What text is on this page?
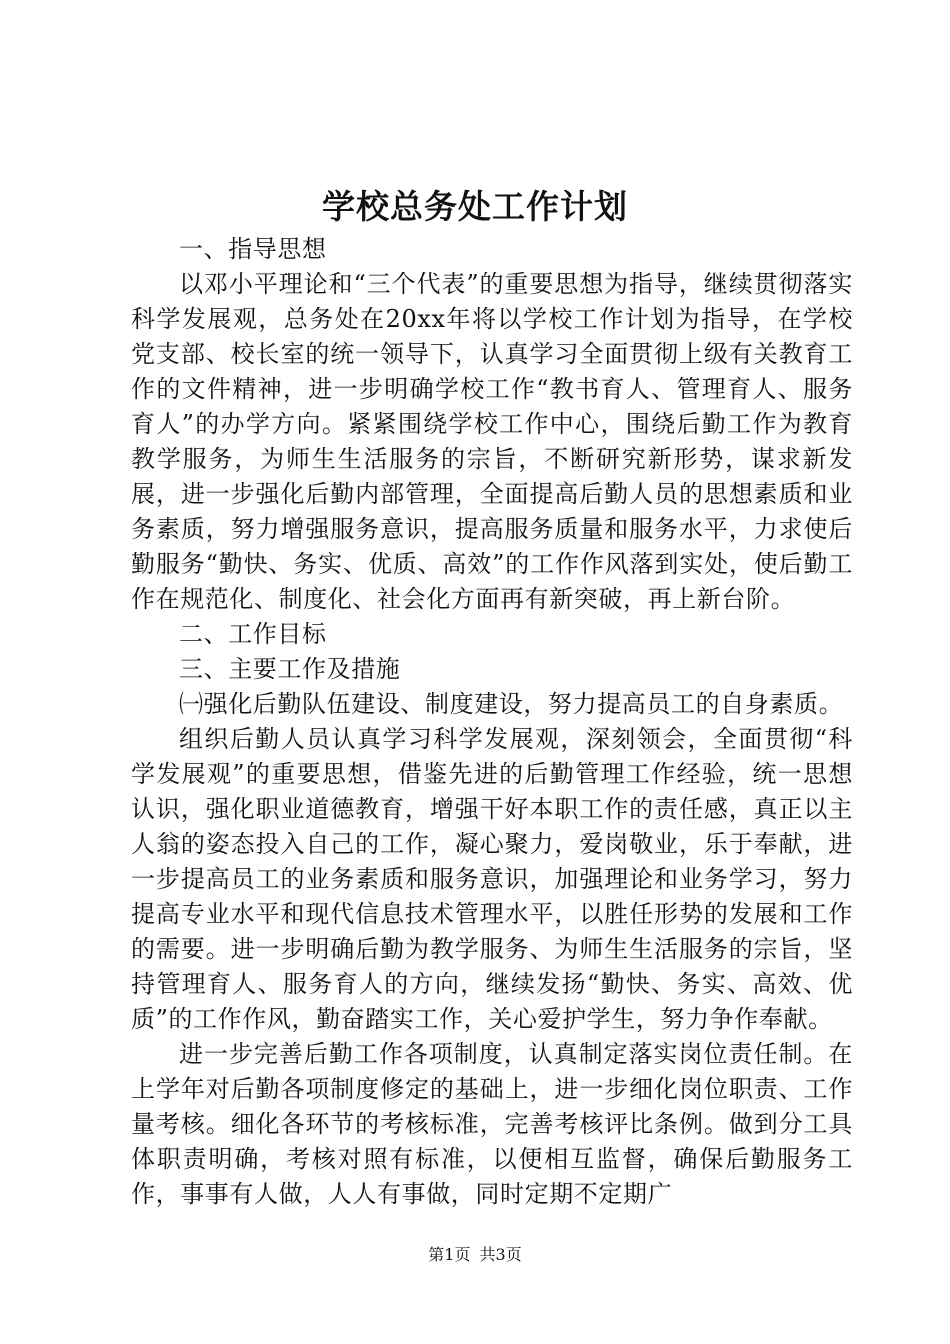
学校总务处工作计划

一、指导思想

以邓小平理论和“三个代表”的重要思想为指导，继续贯彻落实科学发展观，总务处在20xx年将以学校工作计划为指导，在学校党支部、校长室的统一领导下，认真学习全面贯彻上级有关教育工作的文件精神，进一步明确学校工作“教书育人、管理育人、服务育人”的办学方向。紧紧围绕学校工作中心，围绕后勤工作为教育教学服务，为师生生活服务的宗旨，不断研究新形势，谋求新发展，进一步强化后勤内部管理，全面提高后勤人员的思想素质和业务素质，努力增强服务意识，提高服务质量和服务水平，力求使后勤服务“勤快、务实、优质、高效”的工作作风落到实处，使后勤工作在规范化、制度化、社会化方面再有新突破，再上新台阶。

二、工作目标

三、主要工作及措施

㈠强化后勤队伍建设、制度建设，努力提高员工的自身素质。

组织后勤人员认真学习科学发展观，深刻领会，全面贯彻“科学发展观”的重要思想，借鉴先进的后勤管理工作经验，统一思想认识，强化职业道德教育，增强干好本职工作的责任感，真正以主人翁的姿态投入自己的工作，凝心聚力，爱岗敬业，乐于奉献，进一步提高员工的业务素质和服务意识，加强理论和业务学习，努力提高专业水平和现代信息技术管理水平，以胜任形势的发展和工作的需要。进一步明确后勤为教学服务、为师生生活服务的宗旨，坚持管理育人、服务育人的方向，继续发扬“勤快、务实、高效、优质”的工作作风，勤奋踏实工作，关心爱护学生，努力争作奉献。

进一步完善后勤工作各项制度，认真制定落实岗位责任制。在上学年对后勤各项制度修定的基础上，进一步细化岗位职责、工作量考核。细化各环节的考核标准，完善考核评比条例。做到分工具体职责明确，考核对照有标准，以便相互监督，确保后勤服务工作，事事有人做，人人有事做，同时定期不定期广

第1页 共3页
